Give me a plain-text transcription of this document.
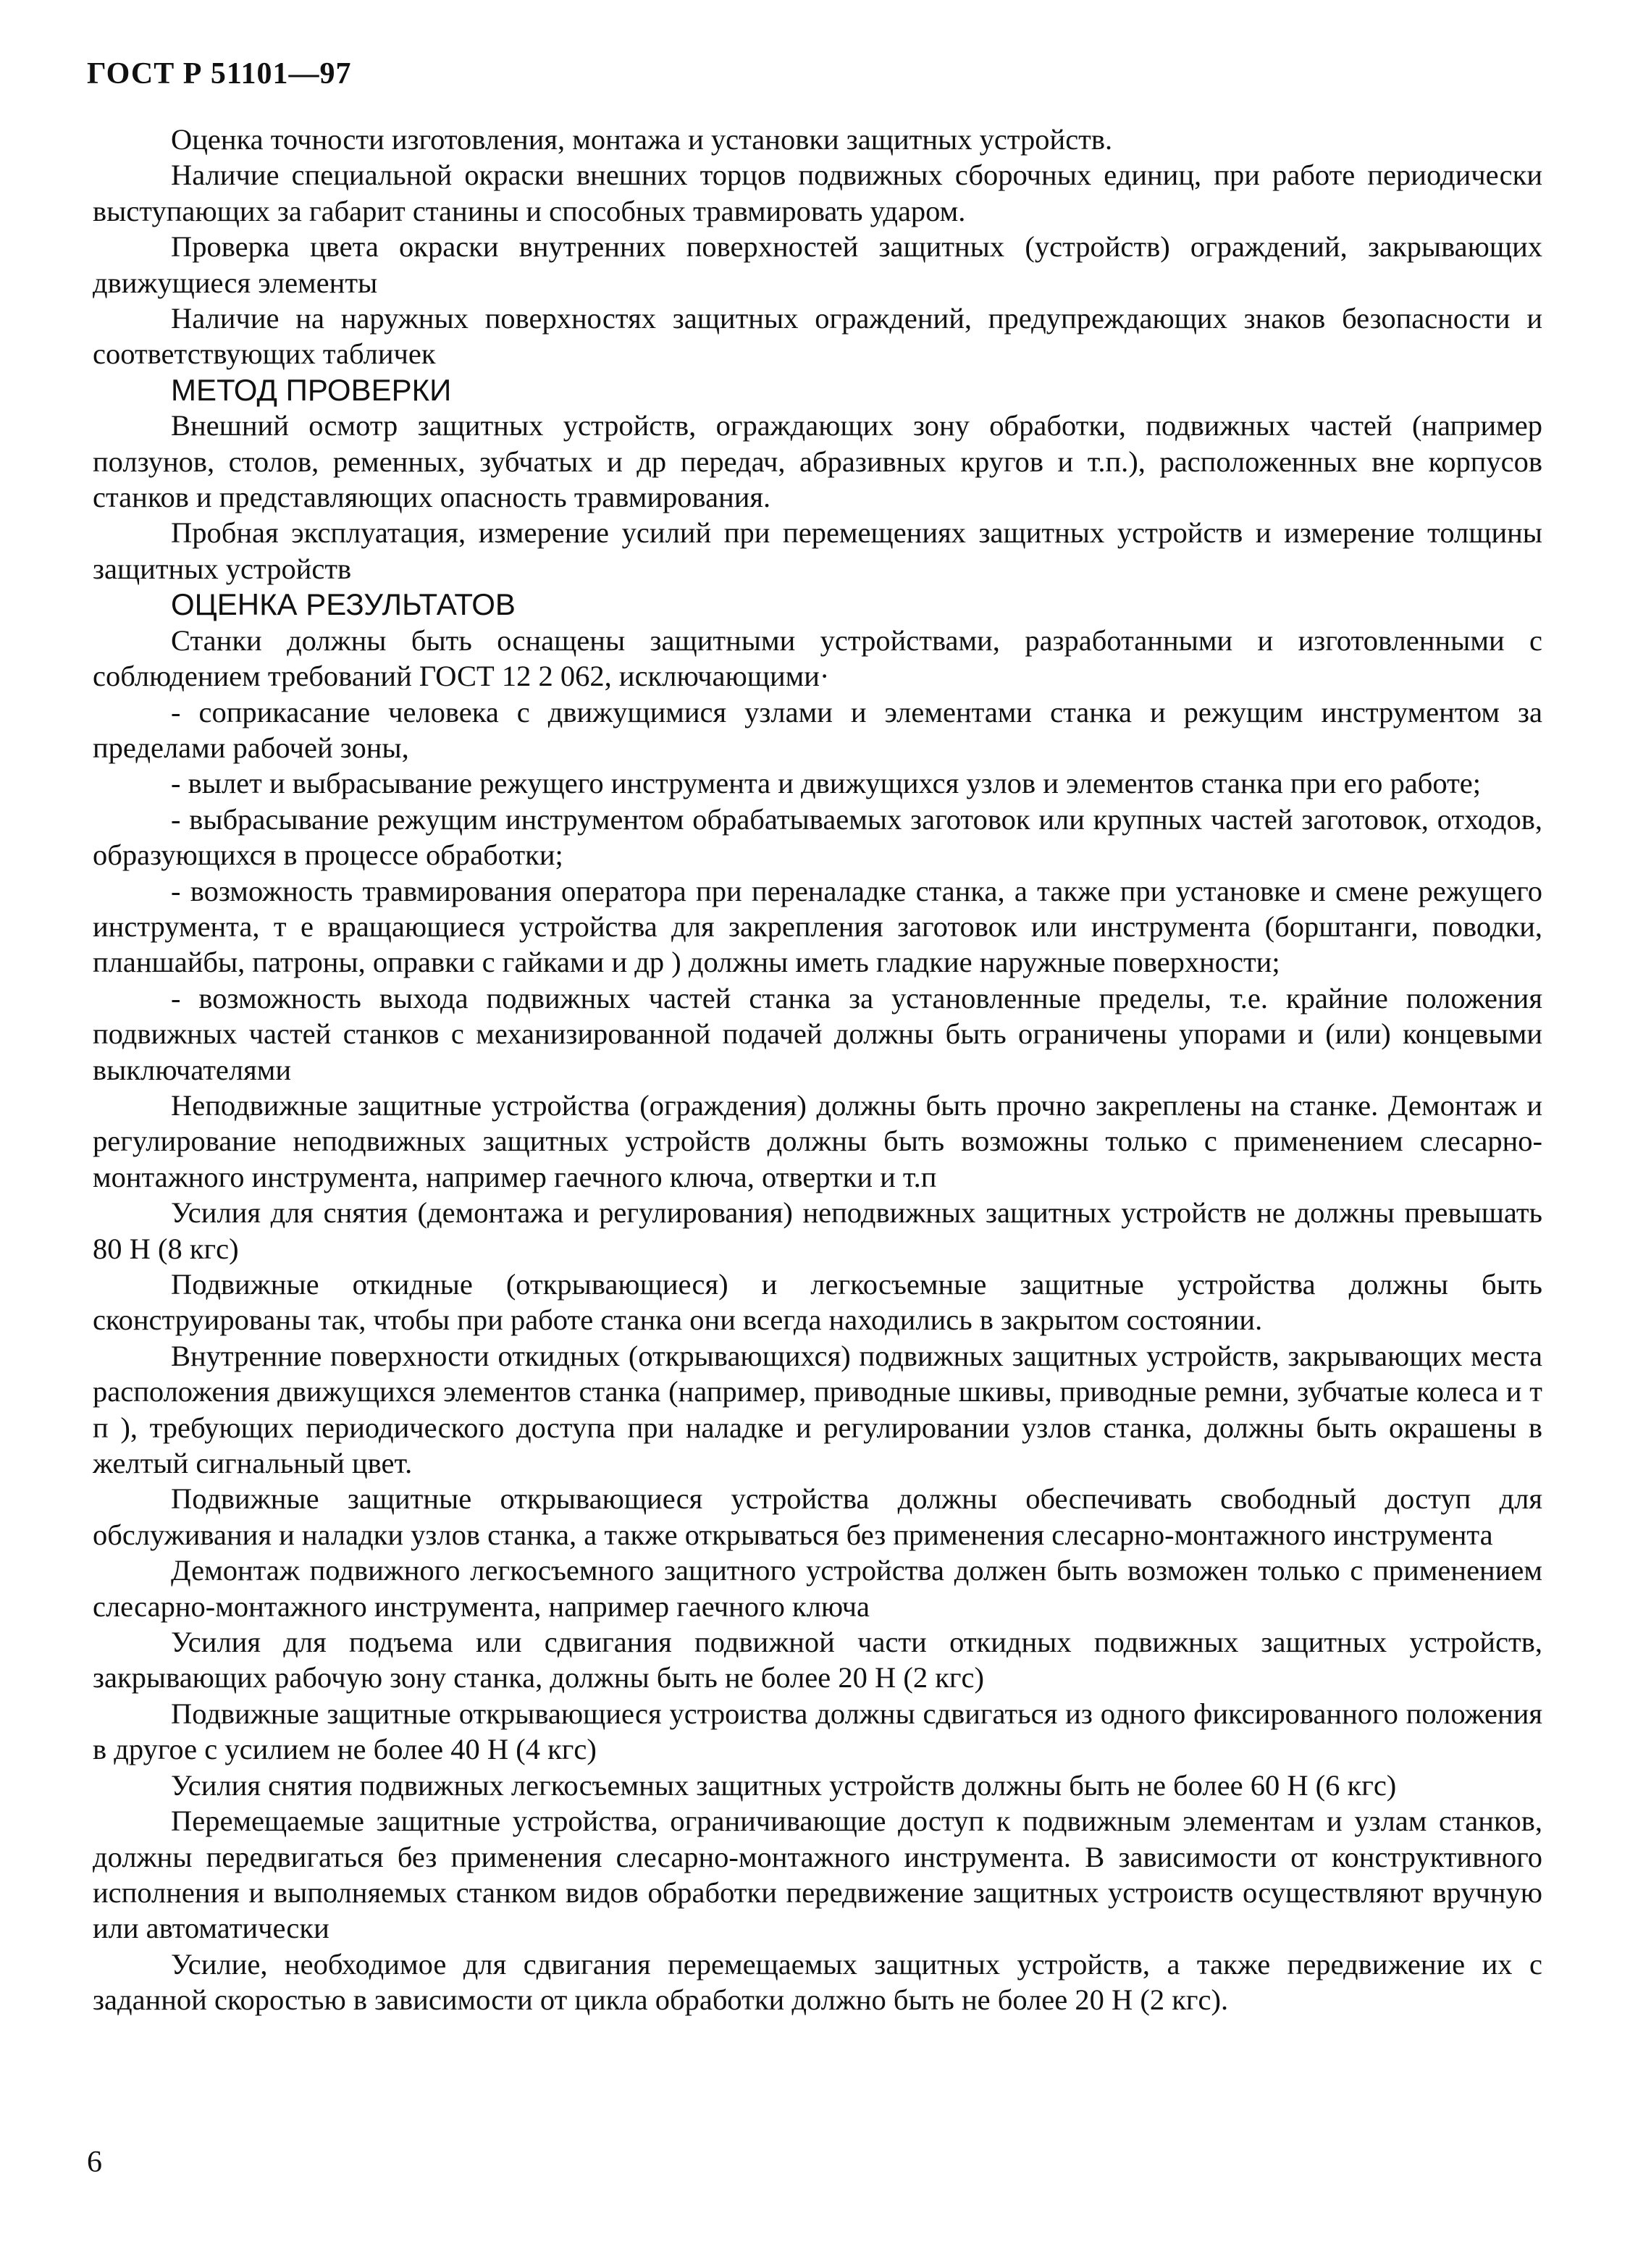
ГОСТ Р 51101—97

Оценка точности изготовления, монтажа и установки защитных устройств.

Наличие специальной окраски внешних торцов подвижных сборочных единиц, при работе периодически выступающих за габарит станины и способных травмировать ударом.

Проверка цвета окраски внутренних поверхностей защитных (устройств) ограждений, закрывающих движущиеся элементы

Наличие на наружных поверхностях защитных ограждений, предупреждающих знаков безопасности и соответствующих табличек

МЕТОД ПРОВЕРКИ

Внешний осмотр защитных устройств, ограждающих зону обработки, подвижных частей (например ползунов, столов, ременных, зубчатых и др передач, абразивных кругов и т.п.), расположенных вне корпусов станков и представляющих опасность травмирования.

Пробная эксплуатация, измерение усилий при перемещениях защитных устройств и измерение толщины защитных устройств

ОЦЕНКА РЕЗУЛЬТАТОВ

Станки должны быть оснащены защитными устройствами, разработанными и изготовленными с соблюдением требований ГОСТ 12 2 062, исключающими·

- соприкасание человека с движущимися узлами и элементами станка и режущим инструментом за пределами рабочей зоны,

- вылет и выбрасывание режущего инструмента и движущихся узлов и элементов станка при его работе;

- выбрасывание режущим инструментом обрабатываемых заготовок или крупных частей заготовок, отходов, образующихся в процессе обработки;

- возможность травмирования оператора при переналадке станка, а также при установке и смене режущего инструмента, т е вращающиеся устройства для закрепления заготовок или инструмента (борштанги, поводки, планшайбы, патроны, оправки с гайками и др ) должны иметь гладкие наружные поверхности;

- возможность выхода подвижных частей станка за установленные пределы, т.е. крайние положения подвижных частей станков с механизированной подачей должны быть ограничены упорами и (или) концевыми выключателями

Неподвижные защитные устройства (ограждения) должны быть прочно закреплены на станке. Демонтаж и регулирование неподвижных защитных устройств должны быть возможны только с применением слесарно-монтажного инструмента, например гаечного ключа, отвертки и т.п

Усилия для снятия (демонтажа и регулирования) неподвижных защитных устройств не должны превышать 80 Н (8 кгс)

Подвижные откидные (открывающиеся) и легкосъемные защитные устройства должны быть сконструированы так, чтобы при работе станка они всегда находились в закрытом состоянии.

Внутренние поверхности откидных (открывающихся) подвижных защитных устройств, закрывающих места расположения движущихся элементов станка (например, приводные шкивы, приводные ремни, зубчатые колеса и т п ), требующих периодического доступа при наладке и регулировании узлов станка, должны быть окрашены в желтый сигнальный цвет.

Подвижные защитные открывающиеся устройства должны обеспечивать свободный доступ для обслуживания и наладки узлов станка, а также открываться без применения слесарно-монтажного инструмента

Демонтаж подвижного легкосъемного защитного устройства должен быть возможен только с применением слесарно-монтажного инструмента, например гаечного ключа

Усилия для подъема или сдвигания подвижной части откидных подвижных защитных устройств, закрывающих рабочую зону станка, должны быть не более 20 Н (2 кгс)

Подвижные защитные открывающиеся устроиства должны сдвигаться из одного фиксированного положения в другое с усилием не более 40 Н (4 кгс)

Усилия снятия подвижных легкосъемных защитных устройств должны быть не более 60 Н (6 кгс)

Перемещаемые защитные устройства, ограничивающие доступ к подвижным элементам и узлам станков, должны передвигаться без применения слесарно-монтажного инструмента. В зависимости от конструктивного исполнения и выполняемых станком видов обработки передвижение защитных устроиств осуществляют вручную или автоматически

Усилие, необходимое для сдвигания перемещаемых защитных устройств, а также передвижение их с заданной скоростью в зависимости от цикла обработки должно быть не более 20 Н (2 кгс).

6
